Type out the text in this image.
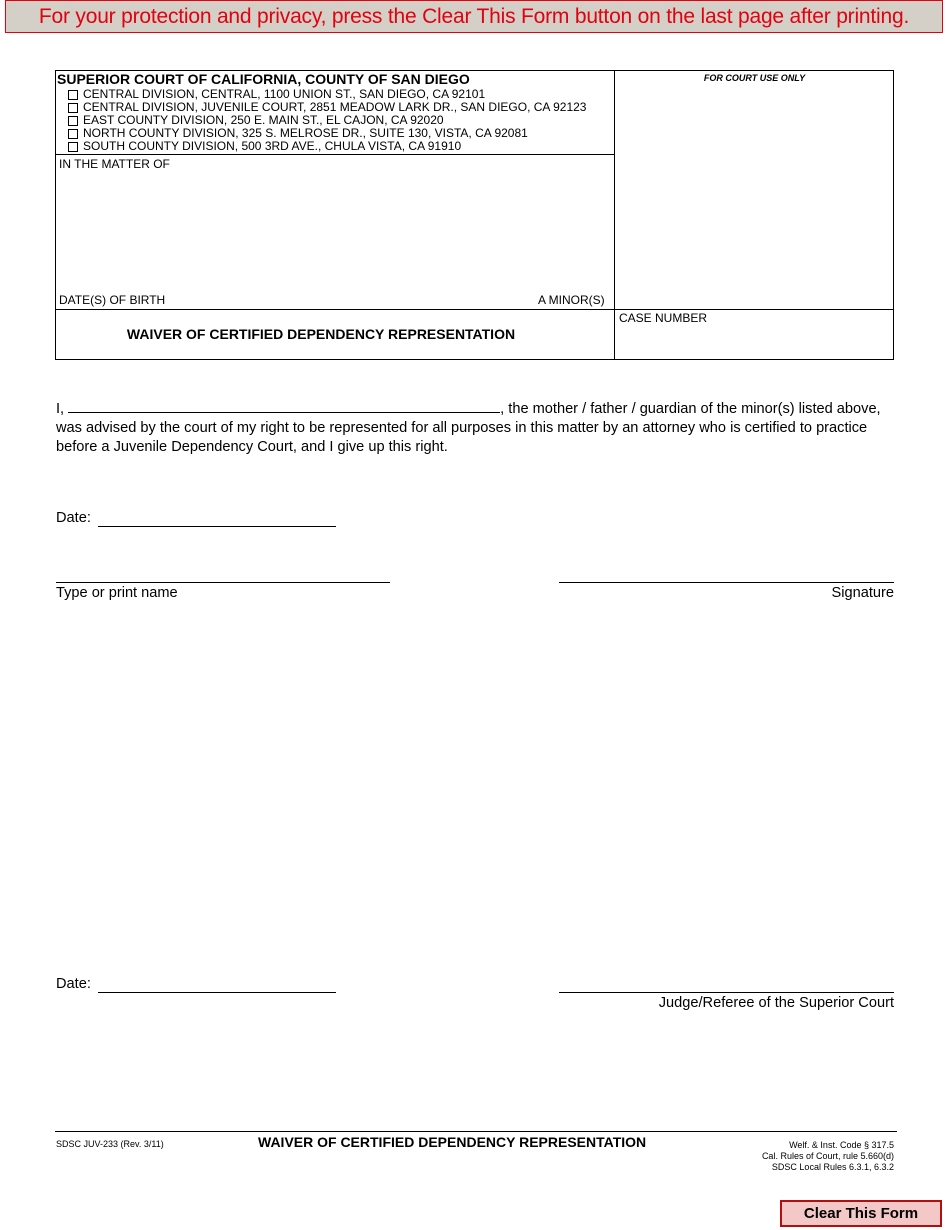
For your protection and privacy, press the Clear This Form button on the last page after printing.
SUPERIOR COURT OF CALIFORNIA, COUNTY OF SAN DIEGO
CENTRAL DIVISION, CENTRAL, 1100 UNION ST., SAN DIEGO, CA 92101
CENTRAL DIVISION, JUVENILE COURT, 2851 MEADOW LARK DR., SAN DIEGO, CA 92123
EAST COUNTY DIVISION, 250 E. MAIN ST., EL CAJON, CA 92020
NORTH COUNTY DIVISION, 325 S. MELROSE DR., SUITE 130, VISTA, CA 92081
SOUTH COUNTY DIVISION, 500 3RD AVE., CHULA VISTA, CA 91910
IN THE MATTER OF
DATE(S) OF BIRTH	A MINOR(S)
FOR COURT USE ONLY
CASE NUMBER
WAIVER OF CERTIFIED DEPENDENCY REPRESENTATION
I,	, the mother / father / guardian of the minor(s) listed above, was advised by the court of my right to be represented for all purposes in this matter by an attorney who is certified to practice before a Juvenile Dependency Court, and I give up this right.
Date:
Type or print name	Signature
Date:
Judge/Referee of the Superior Court
SDSC JUV-233 (Rev. 3/11)	WAIVER OF CERTIFIED DEPENDENCY REPRESENTATION	Welf. & Inst. Code § 317.5
Cal. Rules of Court, rule 5.660(d)
SDSC Local Rules 6.3.1, 6.3.2
Clear This Form
